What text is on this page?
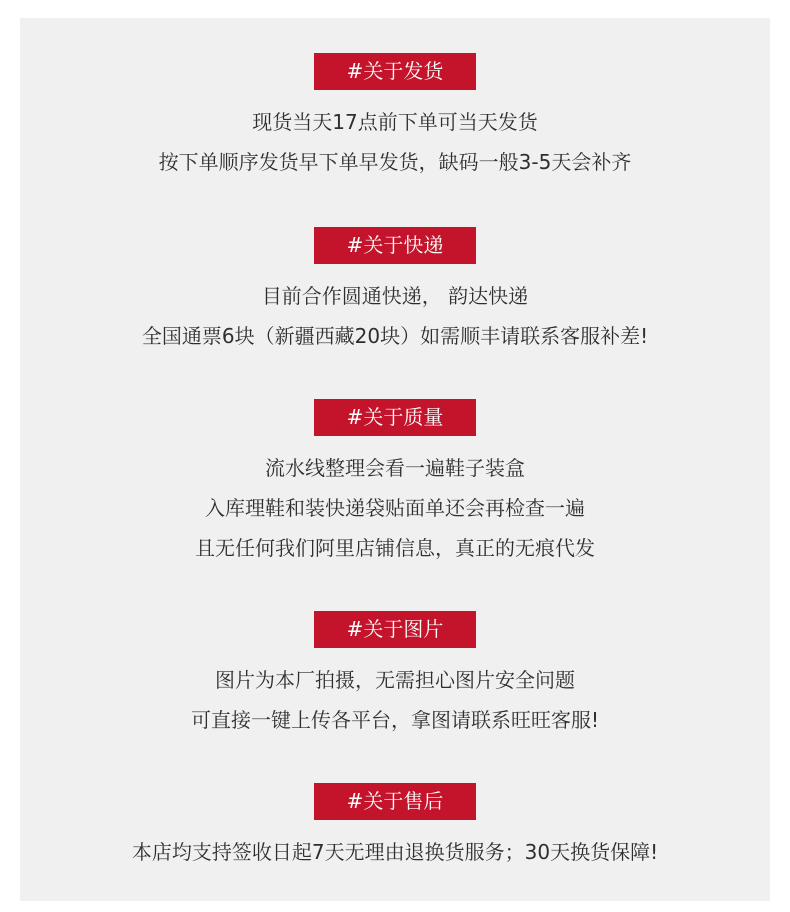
#关于发货
现货当天17点前下单可当天发货
按下单顺序发货早下单早发货，缺码一般3-5天会补齐
#关于快递
目前合作圆通快递， 韵达快递
全国通票6块（新疆西藏20块）如需顺丰请联系客服补差!
#关于质量
流水线整理会看一遍鞋子装盒
入库理鞋和装快递袋贴面单还会再检查一遍
且无任何我们阿里店铺信息，真正的无痕代发
#关于图片
图片为本厂拍摄，无需担心图片安全问题
可直接一键上传各平台，拿图请联系旺旺客服!
#关于售后
本店均支持签收日起7天无理由退换货服务；30天换货保障!
